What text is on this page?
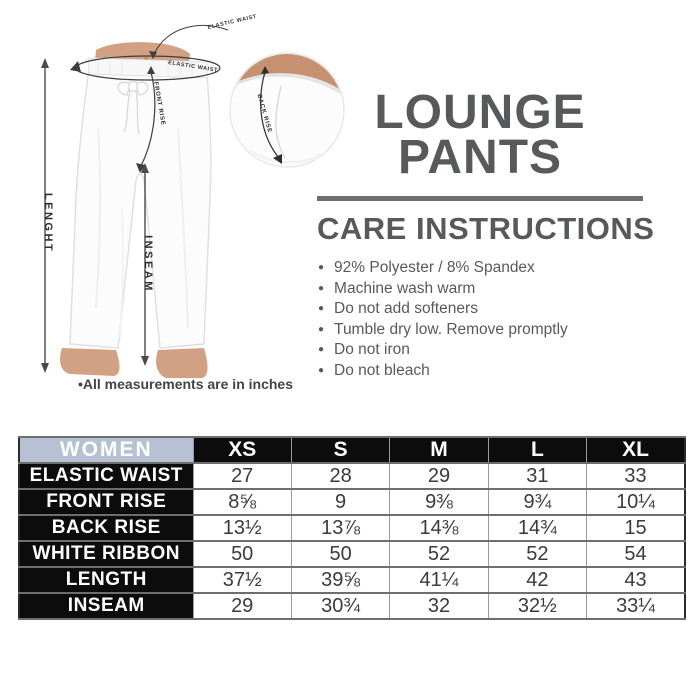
LENGHT
INSEAM
ELASTIC WAIST
ELASTIC WAIST
FRONT RISE	BACK RISE
•All measurements are in inches
LOUNGE
PANTS
CARE INSTRUCTIONS
● 92% Polyester / 8% Spandex
● Machine wash warm
● Do not add softeners
● Tumble dry low. Remove promptly
● Do not iron
● Do not bleach
WOMEN	XS	S	M	L	XL
ELASTIC WAIST	27	28	29	31	33
FRONT RISE	8⅝	9	9⅜	9¾	10¼
BACK RISE	13½	13⅞	14⅜	14¾	15
WHITE RIBBON	50	50	52	52	54
LENGTH	37½	39⅝	41¼	42	43
INSEAM	29	30¾	32	32½	33¼
